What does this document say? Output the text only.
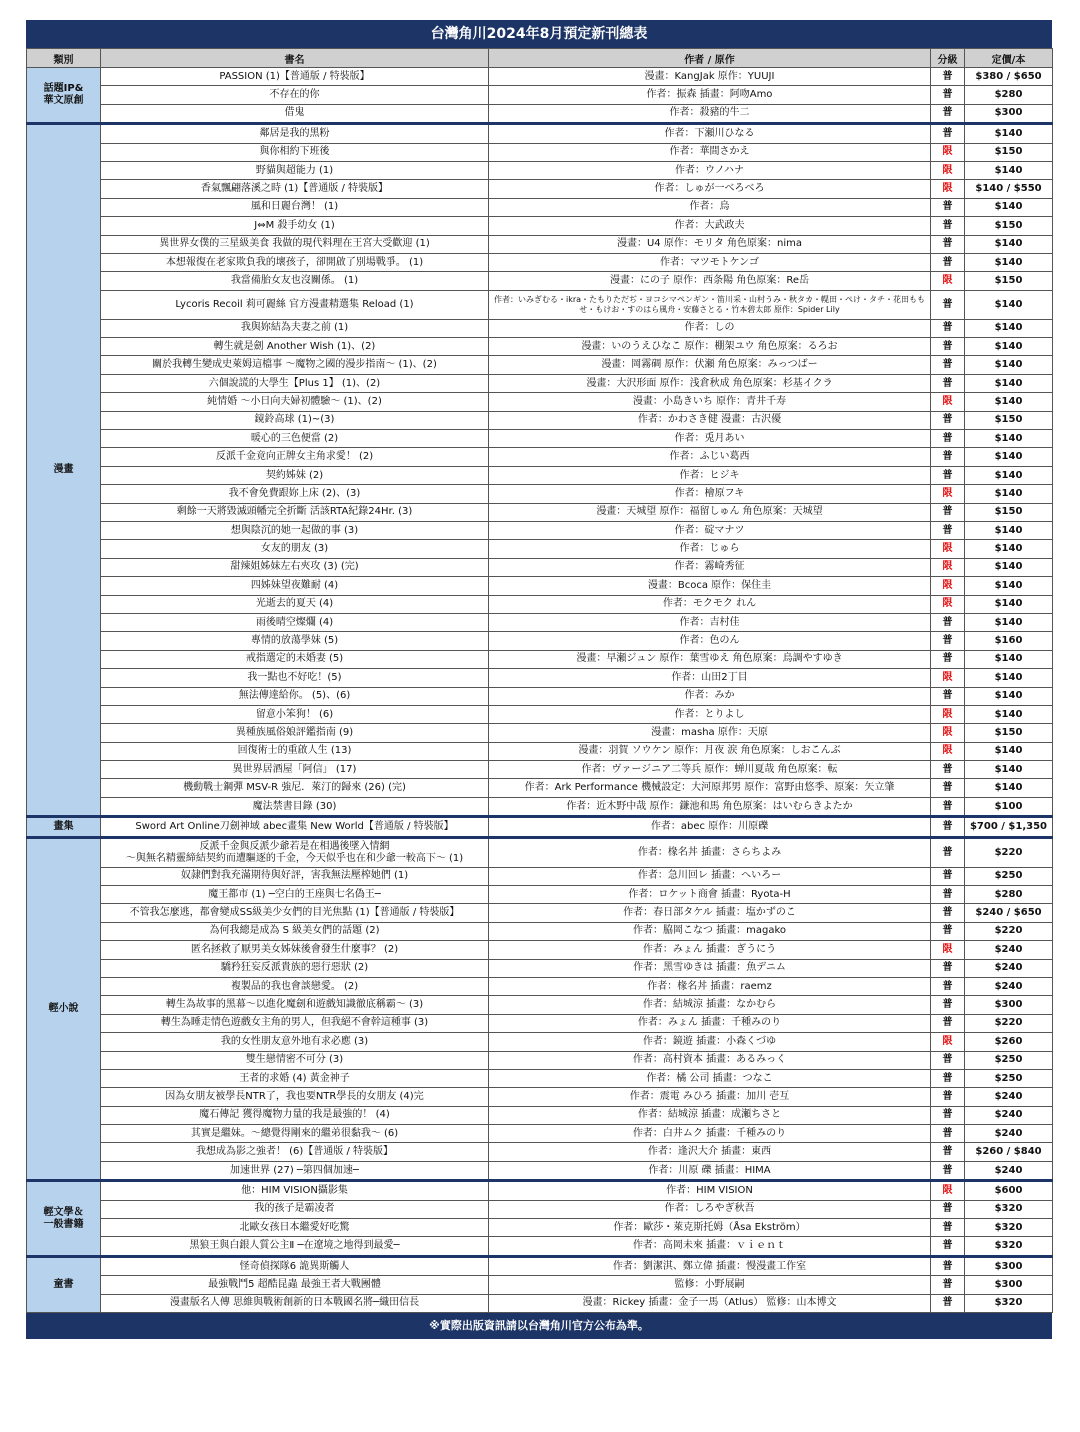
台灣角川2024年8月預定新刊總表
類別	書名	作者 / 原作	分級	定價/本
話題IP&
華文原創	PASSION (1)【普通版 / 特裝版】	漫畫：KangJak 原作：YUUJI	普	$380 / $650
	不存在的你	作者：振森 插畫：阿吻Amo	普	$280
	借鬼	作者：殺豬的牛二	普	$300
漫畫	鄰居是我的黑粉	作者：下瀬川ひなる	普	$140
	與你相約下班後	作者：華間さかえ	限	$150
	野貓與超能力 (1)	作者：ウノハナ	限	$140
	香氣飄翩落溪之時 (1)【普通版 / 特裝版】	作者：しゅが一べろべろ	限	$140 / $550
	風和日麗台灣！ (1)	作者：烏	普	$140
	J⇔M 殺手幼女 (1)	作者：大武政夫	普	$150
	異世界女僕的三星級美食 我做的現代料理在王宮大受歡迎 (1)	漫畫：U4 原作：モリタ 角色原案：nima	普	$140
	本想報復在老家欺負我的壞孩子，卻開啟了別場戰爭。 (1)	作者：マツモトケンゴ	普	$140
	我當備胎女友也沒關係。 (1)	漫畫：にの子 原作：西条陽 角色原案：Re岳	限	$150
	Lycoris Recoil 莉可麗絲 官方漫畫精選集 Reload (1)	作者：いみぎむる・ikra・たもりただぢ・ヨコシマペンギン・笛川采・山村うみ・秋タカ・幌田・ぺけ・タチ・花田ももせ・もけお・すのはら風舟・安藤さとる・竹本碧太郎 原作：Spider Lily	普	$140
	我與妳結為夫妻之前 (1)	作者：しの	普	$140
	轉生就是劍 Another Wish (1)、(2)	漫畫：いのうえひなこ 原作：棚架ユウ 角色原案：るろお	普	$140
	關於我轉生變成史萊姆這檔事 ～魔物之國的漫步指南～ (1)、(2)	漫畫：岡霧碉 原作：伏瀬 角色原案：みっつばー	普	$140
	六個說謊的大學生【Plus 1】 (1)、(2)	漫畫：大沢形面 原作：浅倉秋成 角色原案：杉基イクラ	普	$140
	純情婚 ～小日向夫婦初體驗～ (1)、(2)	漫畫：小島きいち 原作：青井千寿	限	$140
	鏡鈴高球 (1)~(3)	作者：かわさき健 漫畫：古沢優	普	$150
	暖心的三色便當 (2)	作者：兎月あい	普	$140
	反派千金竟向正牌女主角求愛！ (2)	作者：ふじい葛西	普	$140
	契約姊妹 (2)	作者：ヒジキ	普	$140
	我不會免費跟妳上床 (2)、(3)	作者：檜原フキ	限	$140
	剩餘一天將毀滅頭幡完全折斷 活該RTA紀錄24Hr. (3)	漫畫：天城望 原作：福留しゅん 角色原案：天城望	普	$150
	想與陰沉的她一起做的事 (3)	作者：碇マナツ	普	$140
	女友的朋友 (3)	作者：じゅら	限	$140
	甜辣姐姊妹左右夾攻 (3) (完)	作者：霧崎秀征	限	$140
	四姊妹望夜難耐 (4)	漫畫：Bcoca 原作：保住圭	限	$140
	光逝去的夏天 (4)	作者：モクモク れん	限	$140
	雨後晴空燦爛 (4)	作者：吉村佳	普	$140
	專情的放蕩學妹 (5)	作者：色のん	普	$160
	戒指選定的未婚妻 (5)	漫畫：早瀬ジュン 原作：葉雪ゆえ 角色原案：烏調やすゆき	普	$140
	我一點也不好吃！(5)	作者：山田2丁目	限	$140
	無法傳達給你。 (5)、(6)	作者：みか	普	$140
	留意小笨狗！ (6)	作者：とりよし	限	$140
	異種族風俗娘評鑑指南 (9)	漫畫：masha 原作：天原	限	$150
	回復術士的重啟人生 (13)	漫畫：羽賀 ソウケン 原作：月夜 涙 角色原案：しおこんぶ	限	$140
	異世界居酒屋「阿信」 (17)	作者：ヴァージニア二等兵 原作：蝉川夏哉 角色原案：転	普	$140
	機動戰士鋼彈 MSV-R 強尼．萊汀的歸來 (26) (完)	作者：Ark Performance 機械設定：大河原邦男 原作：富野由悠季、原案：矢立肇	普	$140
	魔法禁書目錄 (30)	作者：近木野中哉 原作：鎌池和馬 角色原案：はいむらきよたか	普	$100
畫集	Sword Art Online刀劍神域 abec畫集 New World【普通版 / 特裝版】	作者：abec 原作：川原礫	普	$700 / $1,350
輕小說	反派千金與反派少爺若是在相遇後墜入情網
～與無名精靈締結契約而遭驅逐的千金，今天似乎也在和少爺一較高下～ (1)	作者：椽名丼 插畫：さらちよみ	普	$220
	奴隷們對我充滿期待與好評，害我無法壓榨她們 (1)	作者：急川回レ 插畫：へいろー	普	$250
	魔王都市 (1) ─空白的王座與七名偽王─	作者：ロケット商會 插畫：Ryota-H	普	$280
	不管我怎麼逃，都會變成SS級美少女們的目光焦點 (1)【普通版 / 特裝版】	作者：春日部タケル 插畫：塩かずのこ	普	$240 / $650
	為何我總是成為 S 級美女們的話題 (2)	作者：脇岡こなつ 插畫：magako	普	$220
	匿名拯救了厭男美女姊妹後會發生什麼事？ (2)	作者：みょん 插畫：ぎうにう	限	$240
	驕矜狂妄反派貴族的惡行惡狀 (2)	作者：黑雪ゆきは 插畫：魚デニム	普	$240
	複製品的我也會談戀愛。 (2)	作者：椽名丼 插畫：raemz	普	$240
	轉生為故事的黑幕～以進化魔劍和遊戲知識徹底稱霸～ (3)	作者：結城涼 插畫：なかむら	普	$300
	轉生為睡走情色遊戲女主角的男人，但我絕不會幹這種事 (3)	作者：みょん 插畫：千種みのり	普	$220
	我的女性朋友意外地有求必應 (3)	作者：鏡遊 插畫：小森くづゆ	限	$260
	雙生戀情密不可分 (3)	作者：高村資本 插畫：あるみっく	普	$250
	王者的求婚 (4) 黃金神子	作者：橘 公司 插畫：つなこ	普	$250
	因為女朋友被學長NTR了，我也要NTR學長的女朋友 (4)完	作者：震電 みひろ 插畫：加川 壱互	普	$240
	魔石傳記 獲得魔物力量的我是最強的！ (4)	作者：結城涼 插畫：成瀬ちさと	普	$240
	其實是繼妹。～總覺得剛來的繼弟很黏我～ (6)	作者：白井ムク 插畫：千種みのり	普	$240
	我想成為影之強者！ (6)【普通版 / 特裝版】	作者：逢沢大介 插畫：東西	普	$260 / $840
	加速世界 (27) ─第四個加速─	作者：川原 礫 插畫：HIMA	普	$240
輕文學＆
一般書籍	他：HIM VISION攝影集	作者：HIM VISION	限	$600
	我的孩子是霸凌者	作者：しろやぎ秋吾	普	$320
	北歐女孩日本繼愛好吃驚	作者：歐莎・萊克斯托姆（Åsa Ekström）	普	$320
	黑狼王與白銀人質公主Ⅱ ─在遼境之地得到最愛─	作者：高岡未來 插畫：ｖｉｅｎｔ	普	$320
童書	怪奇偵探隊6 詭異斯觸人	作者：劉潔淇、鄭立偉 插畫：慢漫畫工作室	普	$300
	最強戰鬥5 超酷昆蟲 最強王者大戰團體	監修：小野展嗣	普	$300
	漫畫版名人傳 思維與戰術創新的日本戰國名將─織田信長	漫畫：Rickey 插畫：金子一馬（Atlus） 監修：山本博文	普	$320
※實際出版資訊請以台灣角川官方公布為準。
